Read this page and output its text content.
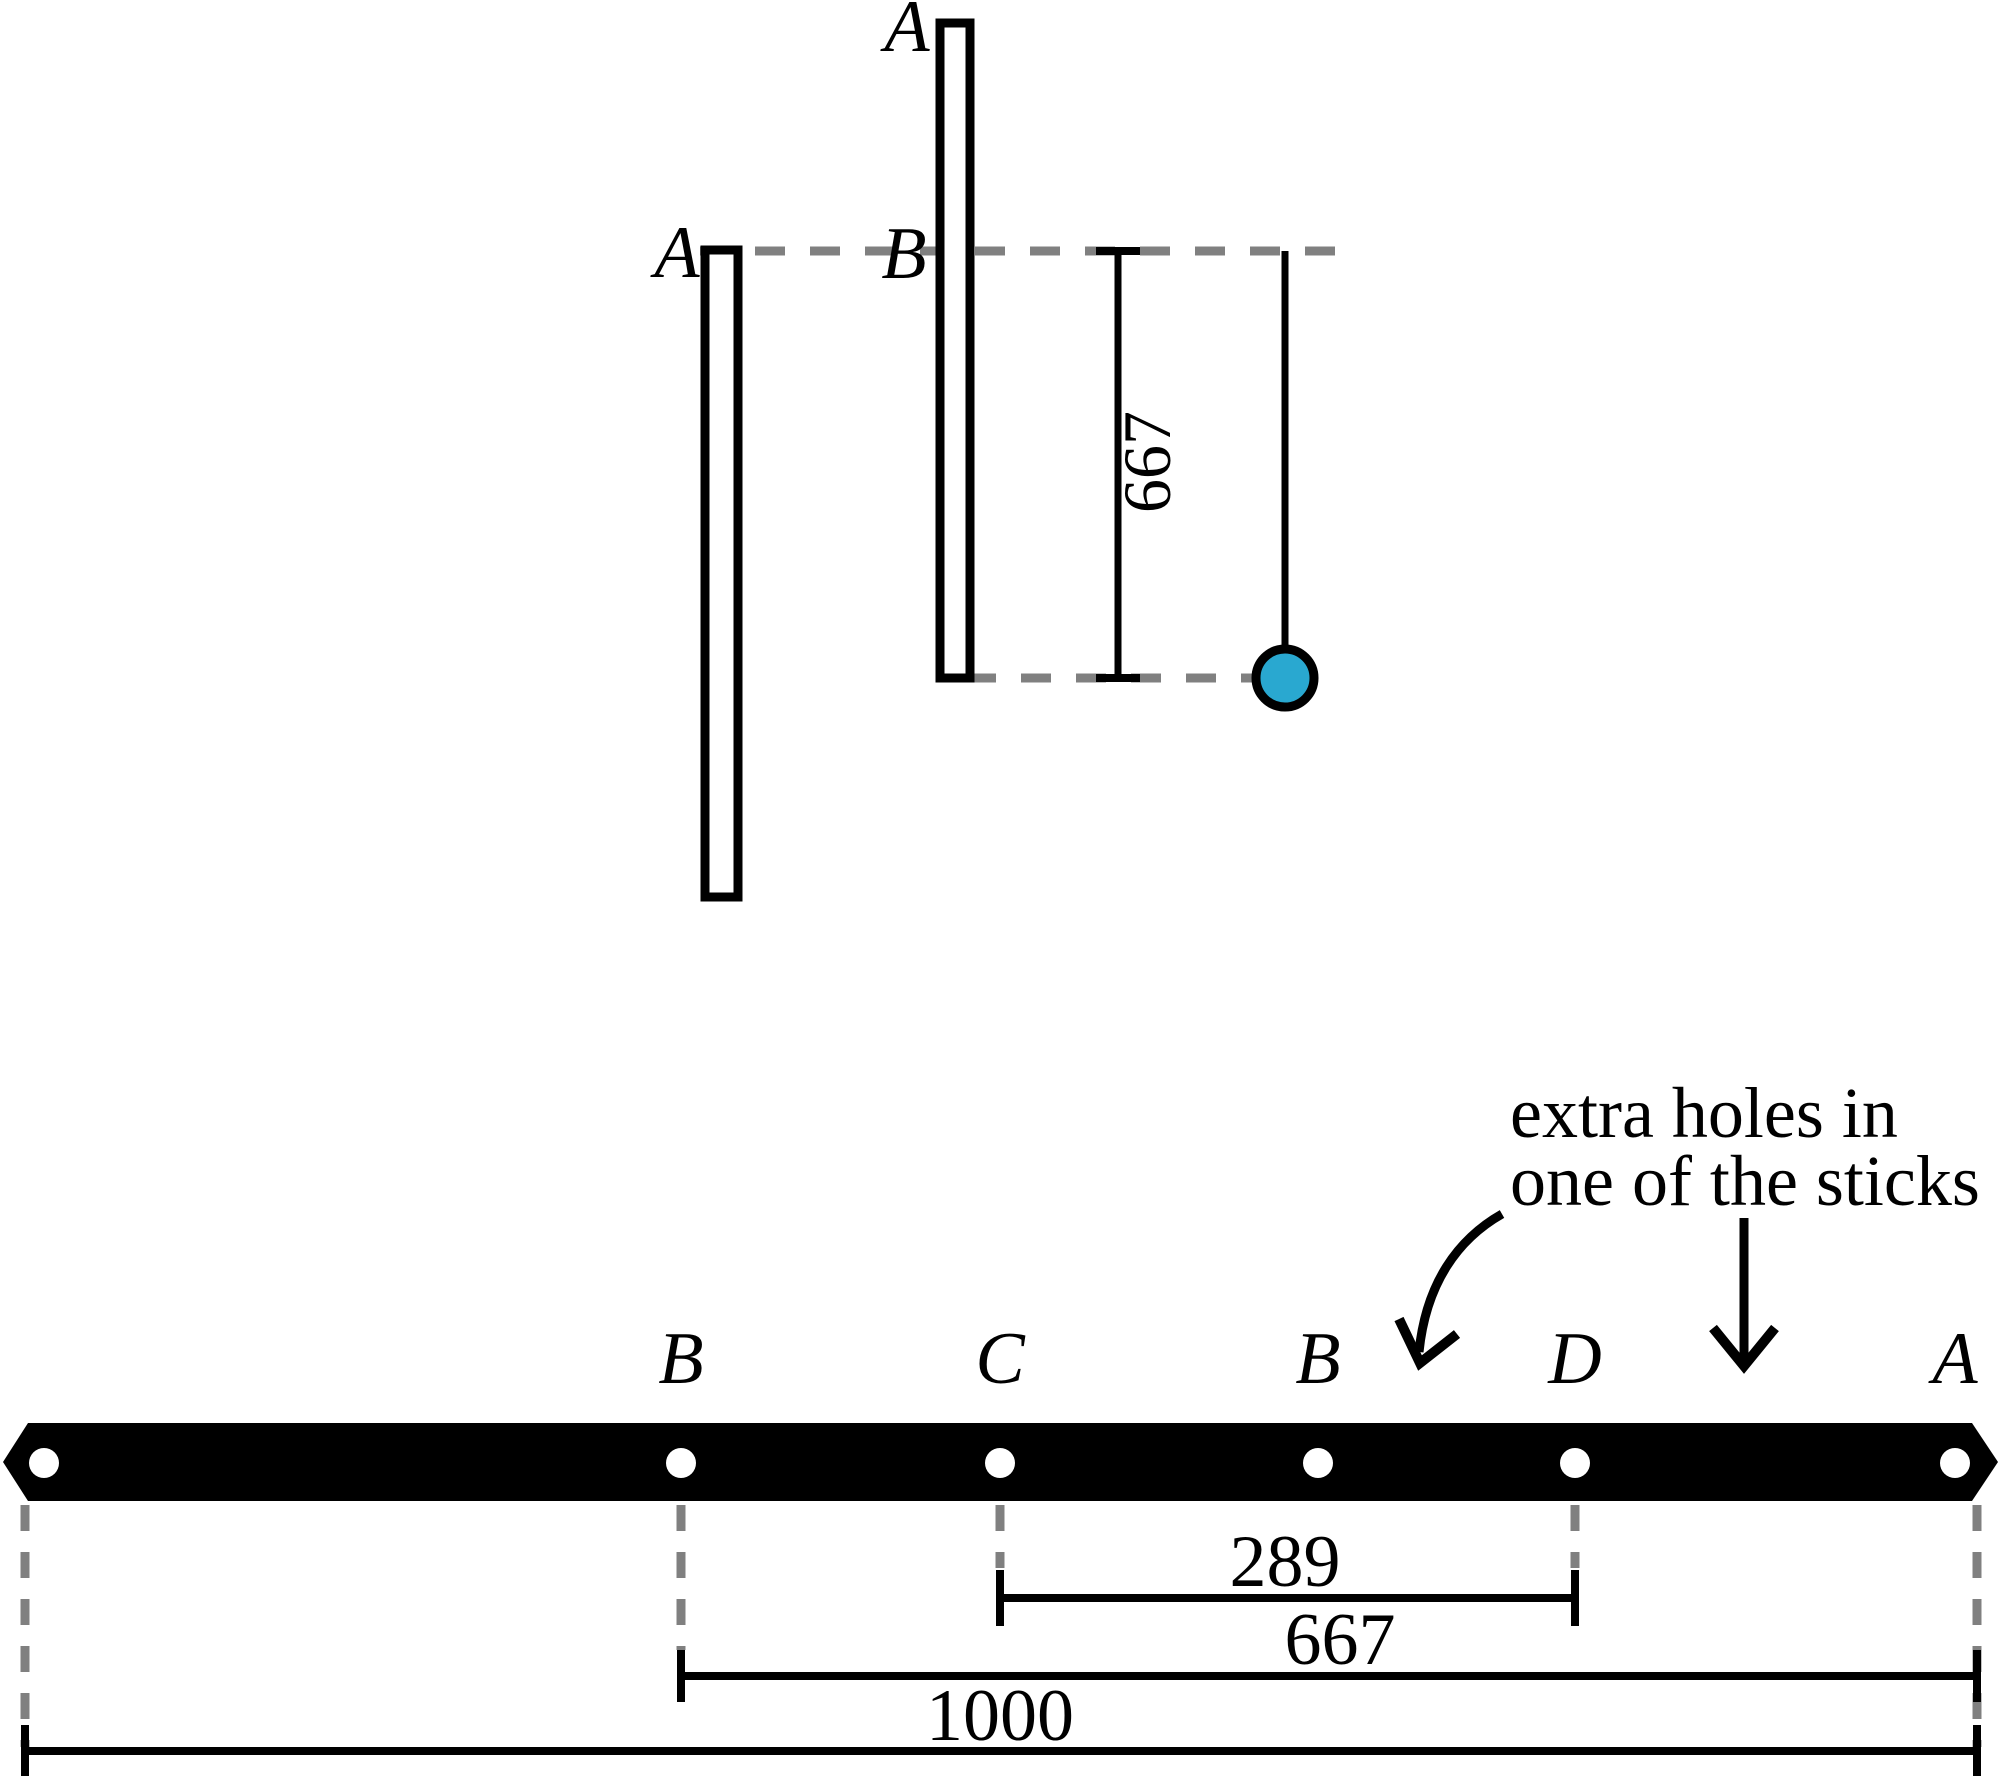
A
A
B
667
B	C	B	D	A
extra holes in
one of the sticks
289
667
1000
